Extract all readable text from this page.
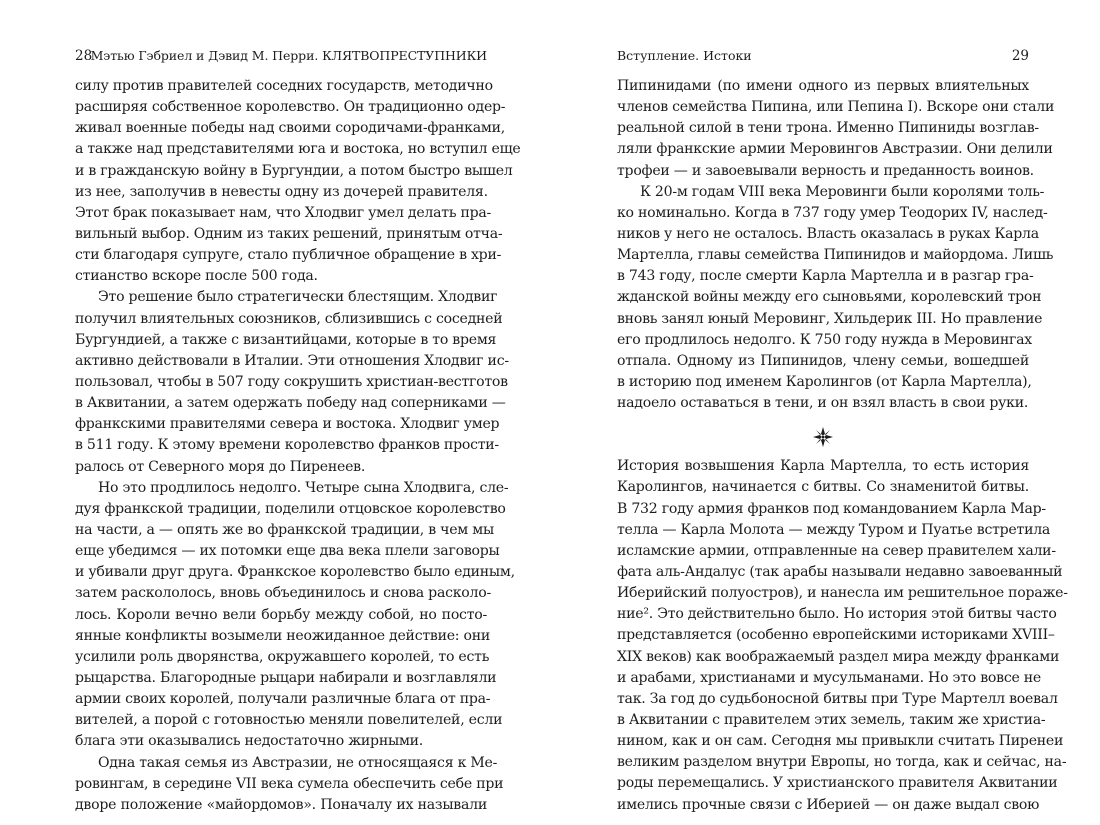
28
Мэтью Гэбриел и Дэвид М. Перри. КЛЯТВОПРЕСТУПНИКИ
силу против правителей соседних государств, методично
расширяя собственное королевство. Он традиционно одер-
живал военные победы над своими сородичами-франками,
а также над представителями юга и востока, но вступил еще
и в гражданскую войну в Бургундии, а потом быстро вышел
из нее, заполучив в невесты одну из дочерей правителя.
Этот брак показывает нам, что Хлодвиг умел делать пра-
вильный выбор. Одним из таких решений, принятым отча-
сти благодаря супруге, стало публичное обращение в хри-
стианство вскоре после 500 года.
Это решение было стратегически блестящим. Хлодвиг
получил влиятельных союзников, сблизившись с соседней
Бургундией, а также с византийцами, которые в то время
активно действовали в Италии. Эти отношения Хлодвиг ис-
пользовал, чтобы в 507 году сокрушить христиан-вестготов
в Аквитании, а затем одержать победу над соперниками —
франкскими правителями севера и востока. Хлодвиг умер
в 511 году. К этому времени королевство франков прости-
ралось от Северного моря до Пиренеев.
Но это продлилось недолго. Четыре сына Хлодвига, сле-
дуя франкской традиции, поделили отцовское королевство
на части, а — опять же во франкской традиции, в чем мы
еще убедимся — их потомки еще два века плели заговоры
и убивали друг друга. Франкское королевство было единым,
затем раскололось, вновь объединилось и снова расколо-
лось. Короли вечно вели борьбу между собой, но посто-
янные конфликты возымели неожиданное действие: они
усилили роль дворянства, окружавшего королей, то есть
рыцарства. Благородные рыцари набирали и возглавляли
армии своих королей, получали различные блага от пра-
вителей, а порой с готовностью меняли повелителей, если
блага эти оказывались недостаточно жирными.
Одна такая семья из Австразии, не относящаяся к Ме-
ровингам, в середине VII века сумела обеспечить себе при
дворе положение «майордомов». Поначалу их называли
Вступление. Истоки	29
Пипинидами (по имени одного из первых влиятельных
членов семейства Пипина, или Пепина I). Вскоре они стали
реальной силой в тени трона. Именно Пипиниды возглав-
ляли франкские армии Меровингов Австразии. Они делили
трофеи — и завоевывали верность и преданность воинов.
К 20-м годам VIII века Меровинги были королями толь-
ко номинально. Когда в 737 году умер Теодорих IV, наслед-
ников у него не осталось. Власть оказалась в руках Карла
Мартелла, главы семейства Пипинидов и майордома. Лишь
в 743 году, после смерти Карла Мартелла и в разгар гра-
жданской войны между его сыновьями, королевский трон
вновь занял юный Меровинг, Хильдерик III. Но правление
его продлилось недолго. К 750 году нужда в Меровингах
отпала. Одному из Пипинидов, члену семьи, вошедшей
в историю под именем Каролингов (от Карла Мартелла),
надоело оставаться в тени, и он взял власть в свои руки.
История возвышения Карла Мартелла, то есть история
Каролингов, начинается с битвы. Со знаменитой битвы.
В 732 году армия франков под командованием Карла Мар-
телла — Карла Молота — между Туром и Пуатье встретила
исламские армии, отправленные на север правителем хали-
фата аль-Андалус (так арабы называли недавно завоеванный
Иберийский полуостров), и нанесла им решительное пораже-
ние². Это действительно было. Но история этой битвы часто
представляется (особенно европейскими историками XVIII–
XIX веков) как воображаемый раздел мира между франками
и арабами, христианами и мусульманами. Но это вовсе не
так. За год до судьбоносной битвы при Туре Мартелл воевал
в Аквитании с правителем этих земель, таким же христиа-
нином, как и он сам. Сегодня мы привыкли считать Пиренеи
великим разделом внутри Европы, но тогда, как и сейчас, на-
роды перемещались. У христианского правителя Аквитании
имелись прочные связи с Иберией — он даже выдал свою
